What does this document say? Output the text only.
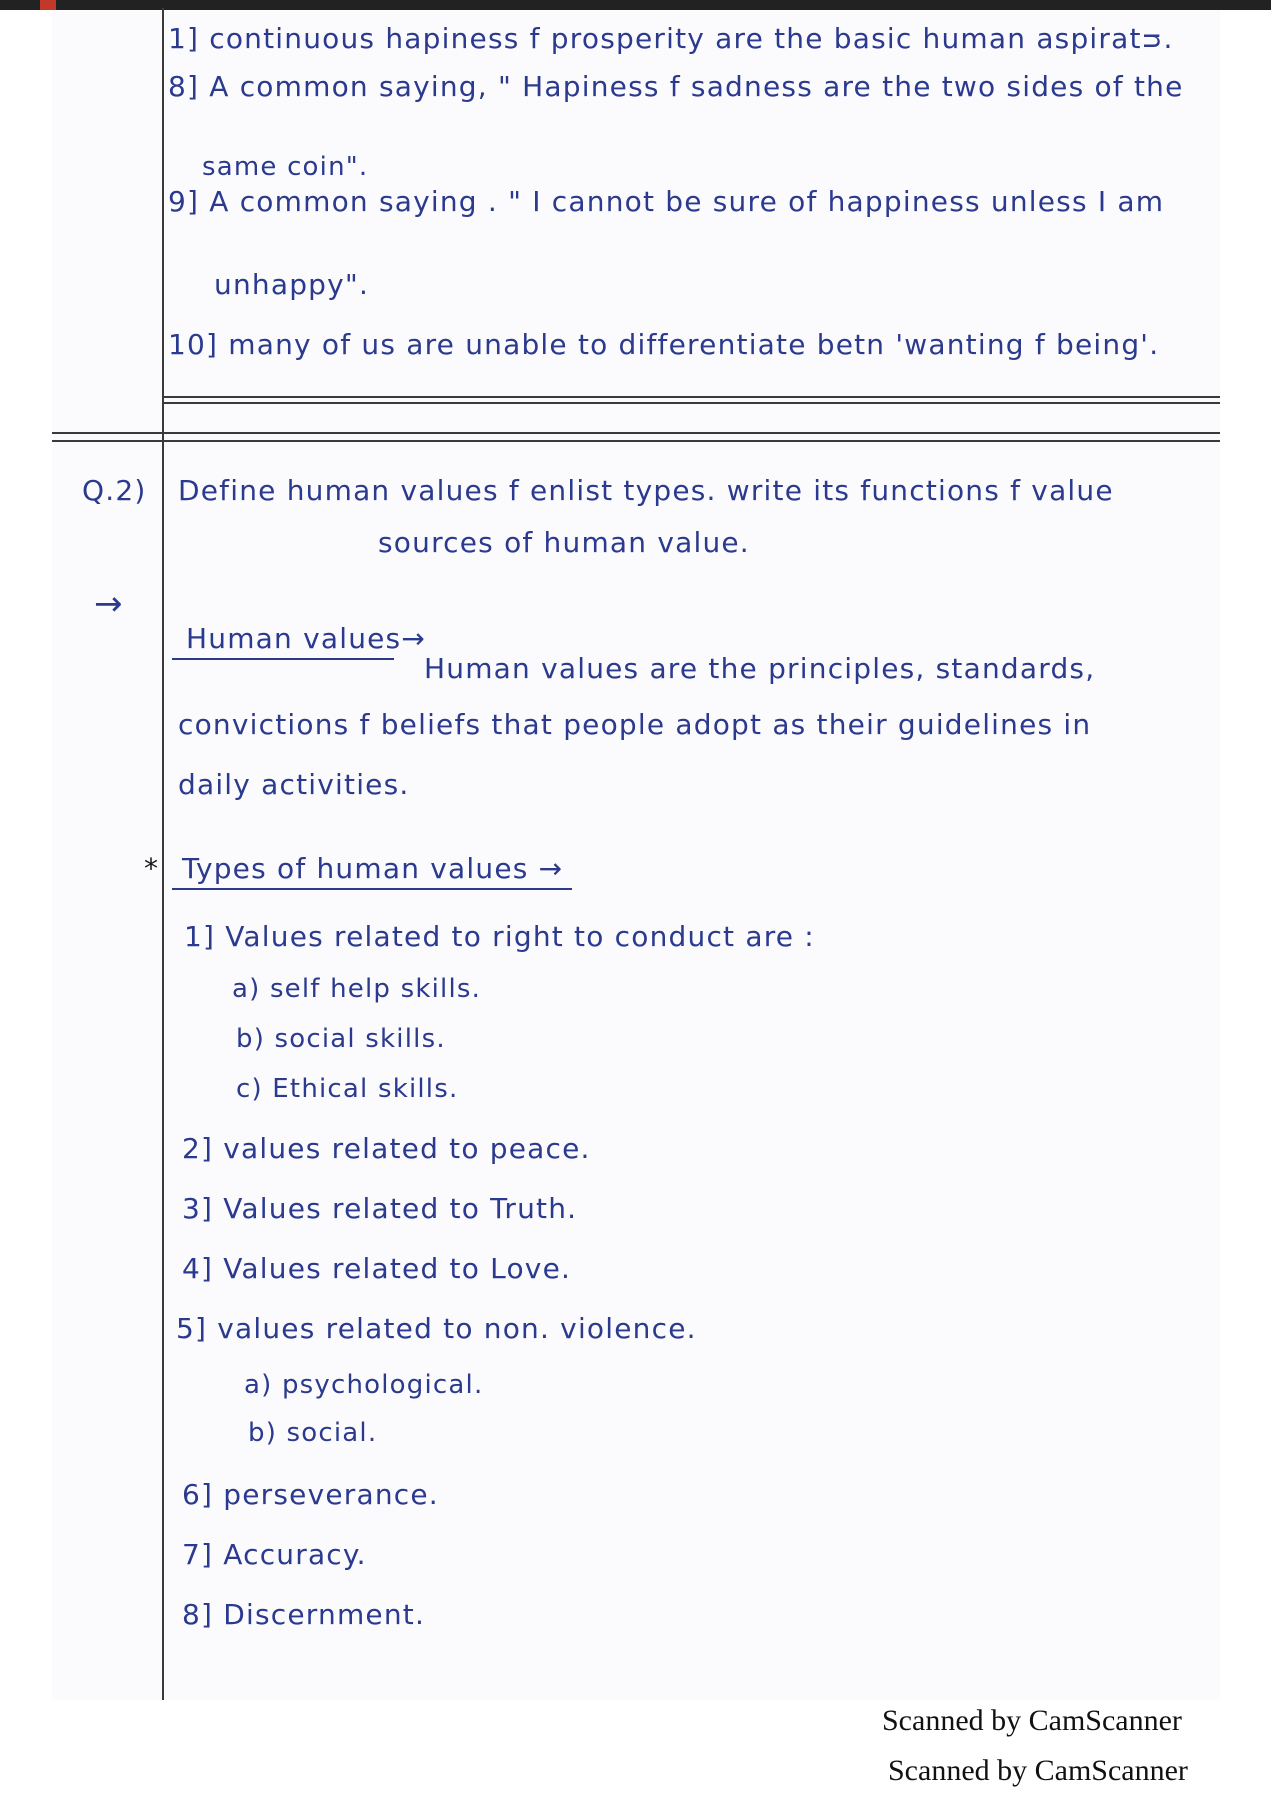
1] continuous hapiness f prosperity are the basic human aspiratᴝ.
8] A common saying, " Hapiness f sadness are the two sides of the
same coin".
9] A common saying . " I cannot be sure of happiness unless I am
unhappy".
10] many of us are unable to differentiate betn 'wanting f being'.
Q.2) Define human values f enlist types. write its functions f value
sources of human value.
→
Human values→
Human values are the principles, standards,
convictions f beliefs that people adopt as their guidelines in
daily activities.
* Types of human values →
1] Values related to right to conduct are :
a) self help skills.
b) social skills.
c) Ethical skills.
2] values related to peace.
3] Values related to Truth.
4] Values related to Love.
5] values related to non. violence.
a) psychological.
b) social.
6] perseverance.
7] Accuracy.
8] Discernment.
Scanned by CamScanner
Scanned by CamScanner
